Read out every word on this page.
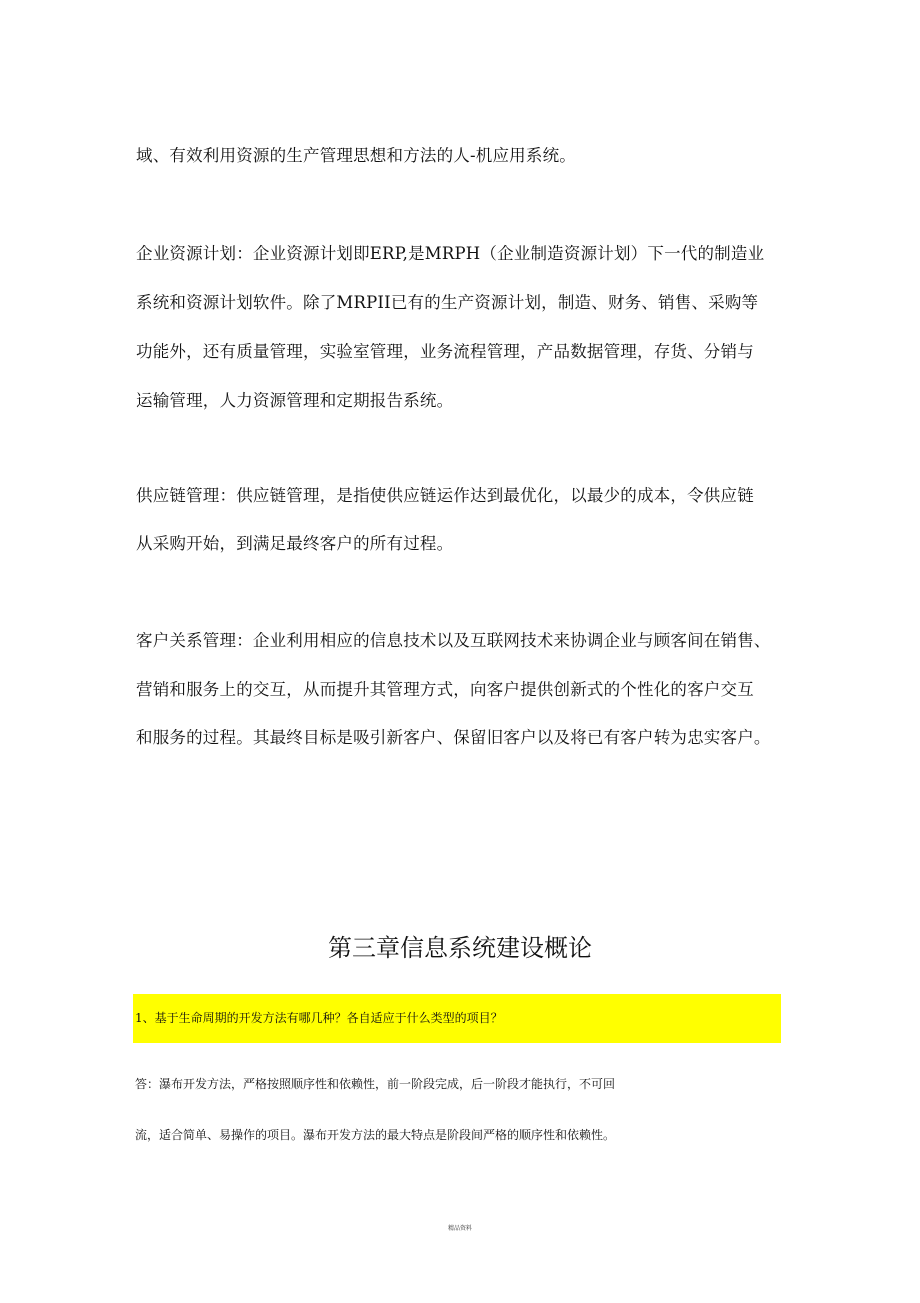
域、有效利用资源的生产管理思想和方法的人-机应用系统。
企业资源计划：企业资源计划即ERP,是MRPH（企业制造资源计划）下一代的制造业
系统和资源计划软件。除了MRPII已有的生产资源计划，制造、财务、销售、采购等
功能外，还有质量管理，实验室管理，业务流程管理，产品数据管理，存货、分销与
运输管理，人力资源管理和定期报告系统。
供应链管理：供应链管理，是指使供应链运作达到最优化，以最少的成本，令供应链
从采购开始，到满足最终客户的所有过程。
客户关系管理：企业利用相应的信息技术以及互联网技术来协调企业与顾客间在销售、
营销和服务上的交互，从而提升其管理方式，向客户提供创新式的个性化的客户交互
和服务的过程。其最终目标是吸引新客户、保留旧客户以及将已有客户转为忠实客户。
第三章信息系统建设概论
1、基于生命周期的开发方法有哪几种？各自适应于什么类型的项目？
答：瀑布开发方法，严格按照顺序性和依赖性，前一阶段完成，后一阶段才能执行，不可回
流，适合简单、易操作的项目。瀑布开发方法的最大特点是阶段间严格的顺序性和依赖性。
精品资料
